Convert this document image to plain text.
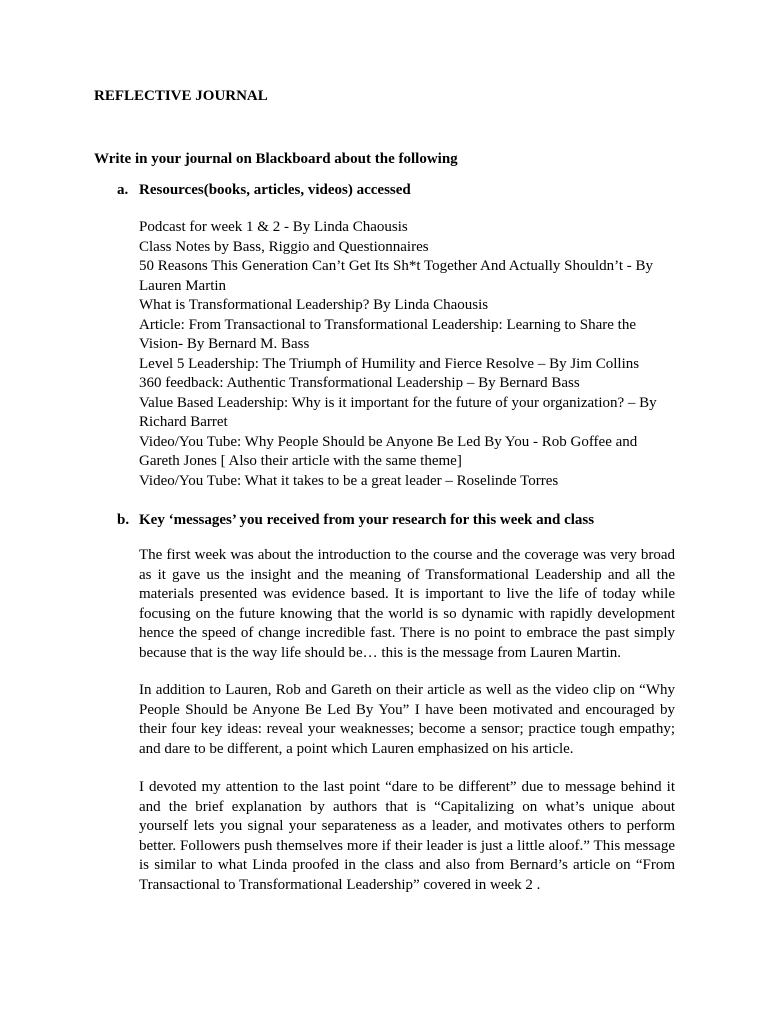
REFLECTIVE JOURNAL
Write in your journal on Blackboard about the following
a. Resources(books, articles, videos) accessed
Podcast for week 1 & 2 - By Linda Chaousis
Class Notes by Bass, Riggio and Questionnaires
50 Reasons This Generation Can’t Get Its Sh*t Together And Actually Shouldn’t - By Lauren Martin
What is Transformational Leadership? By Linda Chaousis
Article: From Transactional to Transformational Leadership: Learning to Share the Vision- By Bernard M. Bass
Level 5 Leadership: The Triumph of Humility and Fierce Resolve – By Jim Collins
360 feedback: Authentic Transformational Leadership – By Bernard Bass
Value Based Leadership: Why is it important for the future of your organization? – By Richard Barret
Video/You Tube: Why People Should be Anyone Be Led By You - Rob Goffee and Gareth Jones [ Also their article with the same theme]
Video/You Tube: What it takes to be a great leader – Roselinde Torres
b. Key ‘messages’ you received from your research for this week and class

The first week was about the introduction to the course and the coverage was very broad as it gave us the insight and the meaning of Transformational Leadership and all the materials presented was evidence based. It is important to live the life of today while focusing on the future knowing that the world is so dynamic with rapidly development hence the speed of change incredible fast. There is no point to embrace the past simply because that is the way life should be… this is the message from Lauren Martin.

In addition to Lauren, Rob and Gareth on their article as well as the video clip on “Why People Should be Anyone Be Led By You” I have been motivated and encouraged by their four key ideas: reveal your weaknesses; become a sensor; practice tough empathy; and dare to be different, a point which Lauren emphasized on his article.

I devoted my attention to the last point “dare to be different” due to message behind it and the brief explanation by authors that is “Capitalizing on what’s unique about yourself lets you signal your separateness as a leader, and motivates others to perform better. Followers push themselves more if their leader is just a little aloof.” This message is similar to what Linda proofed in the class and also from Bernard’s article on “From Transactional to Transformational Leadership” covered in week 2 .
